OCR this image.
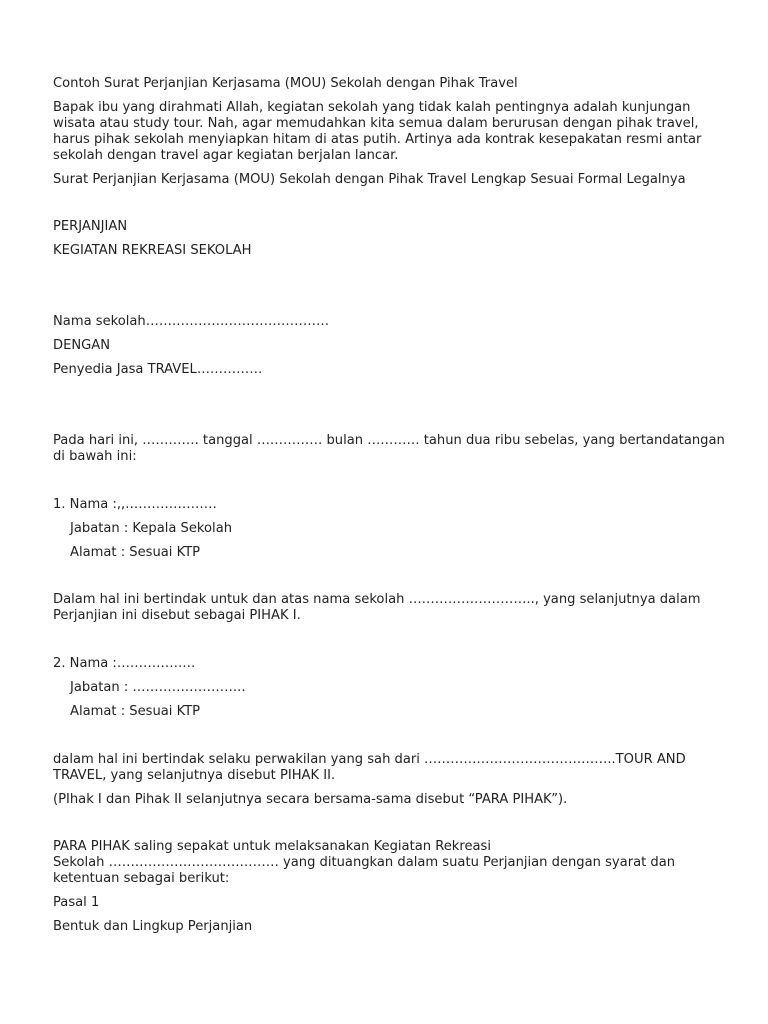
Contoh Surat Perjanjian Kerjasama (MOU) Sekolah dengan Pihak Travel

Bapak ibu yang dirahmati Allah, kegiatan sekolah yang tidak kalah pentingnya adalah kunjungan wisata atau study tour. Nah, agar memudahkan kita semua dalam berurusan dengan pihak travel, harus pihak sekolah menyiapkan hitam di atas putih. Artinya ada kontrak kesepakatan resmi antar sekolah dengan travel agar kegiatan berjalan lancar.

Surat Perjanjian Kerjasama (MOU) Sekolah dengan Pihak Travel Lengkap Sesuai Formal Legalnya

PERJANJIAN

KEGIATAN REKREASI SEKOLAH

Nama sekolah……………………………………

DENGAN

Penyedia Jasa TRAVEL……………

Pada hari ini, …………. tanggal …………… bulan ………… tahun dua ribu sebelas, yang bertandatangan di bawah ini:

1. Nama :,,…………………

Jabatan : Kepala Sekolah

Alamat : Sesuai KTP

Dalam hal ini bertindak untuk dan atas nama sekolah ……………………….., yang selanjutnya dalam Perjanjian ini disebut sebagai PIHAK I.

2. Nama :………………

Jabatan : ……………………..

Alamat : Sesuai KTP

dalam hal ini bertindak selaku perwakilan yang sah dari ……………………………………..TOUR AND TRAVEL, yang selanjutnya disebut PIHAK II.

(PIhak I dan Pihak II selanjutnya secara bersama-sama disebut “PARA PIHAK”).

PARA PIHAK saling sepakat untuk melaksanakan Kegiatan Rekreasi

Sekolah ………………………………… yang dituangkan dalam suatu Perjanjian dengan syarat dan ketentuan sebagai berikut:

Pasal 1

Bentuk dan Lingkup Perjanjian
